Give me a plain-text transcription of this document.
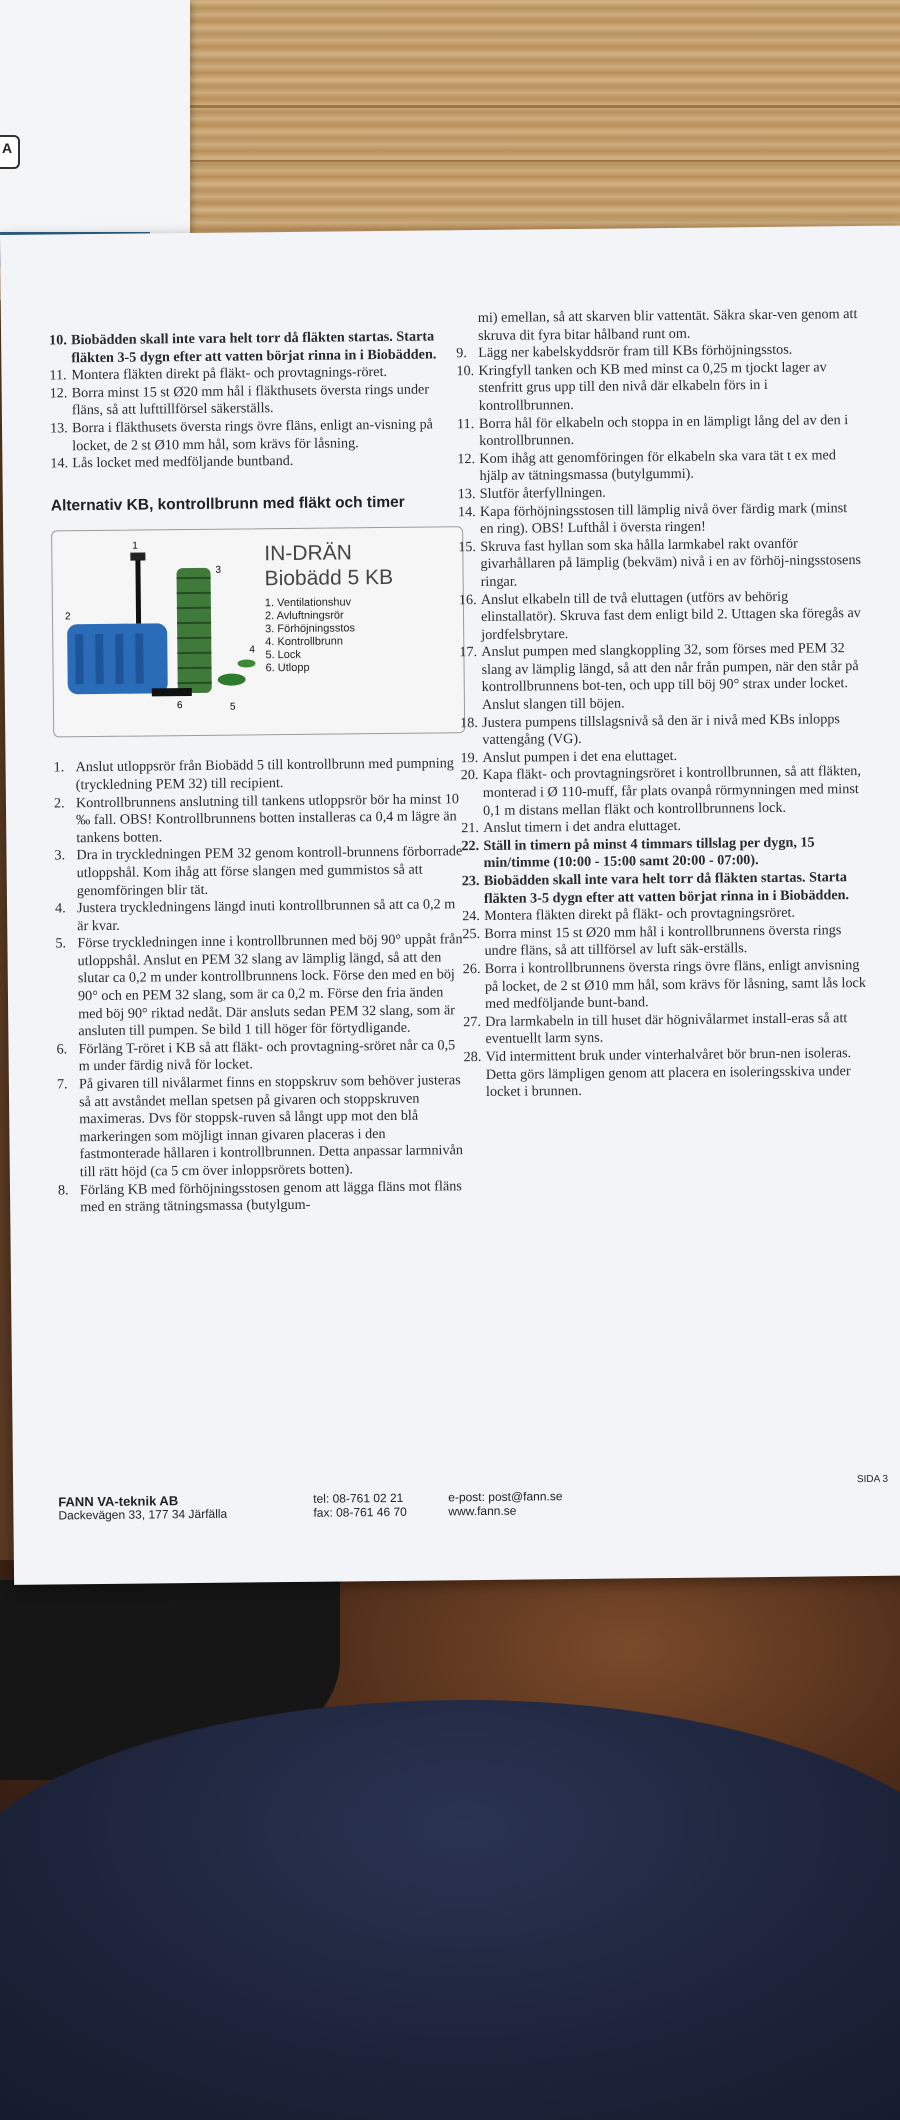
A
10. Biobädden skall inte vara helt torr då fläkten startas. Starta fläkten 3-5 dygn efter att vatten börjat rinna in i Biobädden.
11. Montera fläkten direkt på fläkt- och provtagnings-röret.
12. Borra minst 15 st Ø20 mm hål i fläkthusets översta rings under fläns, så att lufttillförsel säkerställs.
13. Borra i fläkthusets översta rings övre fläns, enligt an-visning på locket, de 2 st Ø10 mm hål, som krävs för låsning.
14. Lås locket med medföljande buntband.
Alternativ KB, kontrollbrunn med fläkt och timer
1
2
3
4
5
6
IN-DRÄN
Biobädd 5 KB
1. Ventilationshuv
2. Avluftningsrör
3. Förhöjningsstos
4. Kontrollbrunn
5. Lock
6. Utlopp
1. Anslut utloppsrör från Biobädd 5 till kontrollbrunn med pumpning (tryckledning PEM 32) till recipient.
2. Kontrollbrunnens anslutning till tankens utloppsrör bör ha minst 10 ‰ fall. OBS! Kontrollbrunnens botten installeras ca 0,4 m lägre än tankens botten.
3. Dra in tryckledningen PEM 32 genom kontroll-brunnens förborrade utloppshål. Kom ihåg att förse slangen med gummistos så att genomföringen blir tät.
4. Justera tryckledningens längd inuti kontrollbrunnen så att ca 0,2 m är kvar.
5. Förse tryckledningen inne i kontrollbrunnen med böj 90° uppåt från utloppshål. Anslut en PEM 32 slang av lämplig längd, så att den slutar ca 0,2 m under kontrollbrunnens lock. Förse den med en böj 90° och en PEM 32 slang, som är ca 0,2 m. Förse den fria änden med böj 90° riktad nedåt. Där ansluts sedan PEM 32 slang, som är ansluten till pumpen. Se bild 1 till höger för förtydligande.
6. Förläng T-röret i KB så att fläkt- och provtagning-sröret når ca 0,5 m under färdig nivå för locket.
7. På givaren till nivålarmet finns en stoppskruv som behöver justeras så att avståndet mellan spetsen på givaren och stoppskruven maximeras. Dvs för stoppsk-ruven så långt upp mot den blå markeringen som möjligt innan givaren placeras i den fastmonterade hållaren i kontrollbrunnen. Detta anpassar larmnivån till rätt höjd (ca 5 cm över inloppsrörets botten).
8. Förläng KB med förhöjningsstosen genom att lägga fläns mot fläns med en sträng tätningsmassa (butylgum-
mi) emellan, så att skarven blir vattentät. Säkra skar-ven genom att skruva dit fyra bitar hålband runt om.
9. Lägg ner kabelskyddsrör fram till KBs förhöjningsstos.
10. Kringfyll tanken och KB med minst ca 0,25 m tjockt lager av stenfritt grus upp till den nivå där elkabeln förs in i kontrollbrunnen.
11. Borra hål för elkabeln och stoppa in en lämpligt lång del av den i kontrollbrunnen.
12. Kom ihåg att genomföringen för elkabeln ska vara tät t ex med hjälp av tätningsmassa (butylgummi).
13. Slutför återfyllningen.
14. Kapa förhöjningsstosen till lämplig nivå över färdig mark (minst en ring). OBS! Lufthål i översta ringen!
15. Skruva fast hyllan som ska hålla larmkabel rakt ovanför givarhållaren på lämplig (bekväm) nivå i en av förhöj-ningsstosens ringar.
16. Anslut elkabeln till de två eluttagen (utförs av behörig elinstallatör). Skruva fast dem enligt bild 2. Uttagen ska föregås av jordfelsbrytare.
17. Anslut pumpen med slangkoppling 32, som förses med PEM 32 slang av lämplig längd, så att den når från pumpen, när den står på kontrollbrunnens bot-ten, och upp till böj 90° strax under locket. Anslut slangen till böjen.
18. Justera pumpens tillslagsnivå så den är i nivå med KBs inlopps vattengång (VG).
19. Anslut pumpen i det ena eluttaget.
20. Kapa fläkt- och provtagningsröret i kontrollbrunnen, så att fläkten, monterad i Ø 110-muff, får plats ovanpå rörmynningen med minst 0,1 m distans mellan fläkt och kontrollbrunnens lock.
21. Anslut timern i det andra eluttaget.
22. Ställ in timern på minst 4 timmars tillslag per dygn, 15 min/timme (10:00 - 15:00 samt 20:00 - 07:00).
23. Biobädden skall inte vara helt torr då fläkten startas. Starta fläkten 3-5 dygn efter att vatten börjat rinna in i Biobädden.
24. Montera fläkten direkt på fläkt- och provtagningsröret.
25. Borra minst 15 st Ø20 mm hål i kontrollbrunnens översta rings undre fläns, så att tillförsel av luft säk-erställs.
26. Borra i kontrollbrunnens översta rings övre fläns, enligt anvisning på locket, de 2 st Ø10 mm hål, som krävs för låsning, samt lås lock med medföljande bunt-band.
27. Dra larmkabeln in till huset där högnivålarmet install-eras så att eventuellt larm syns.
28. Vid intermittent bruk under vinterhalvåret bör brun-nen isoleras. Detta görs lämpligen genom att placera en isoleringsskiva under locket i brunnen.
FANN VA-teknik AB
Dackevägen 33, 177 34 Järfälla
tel: 08-761 02 21
fax: 08-761 46 70
e-post: post@fann.se
www.fann.se
SIDA 3
